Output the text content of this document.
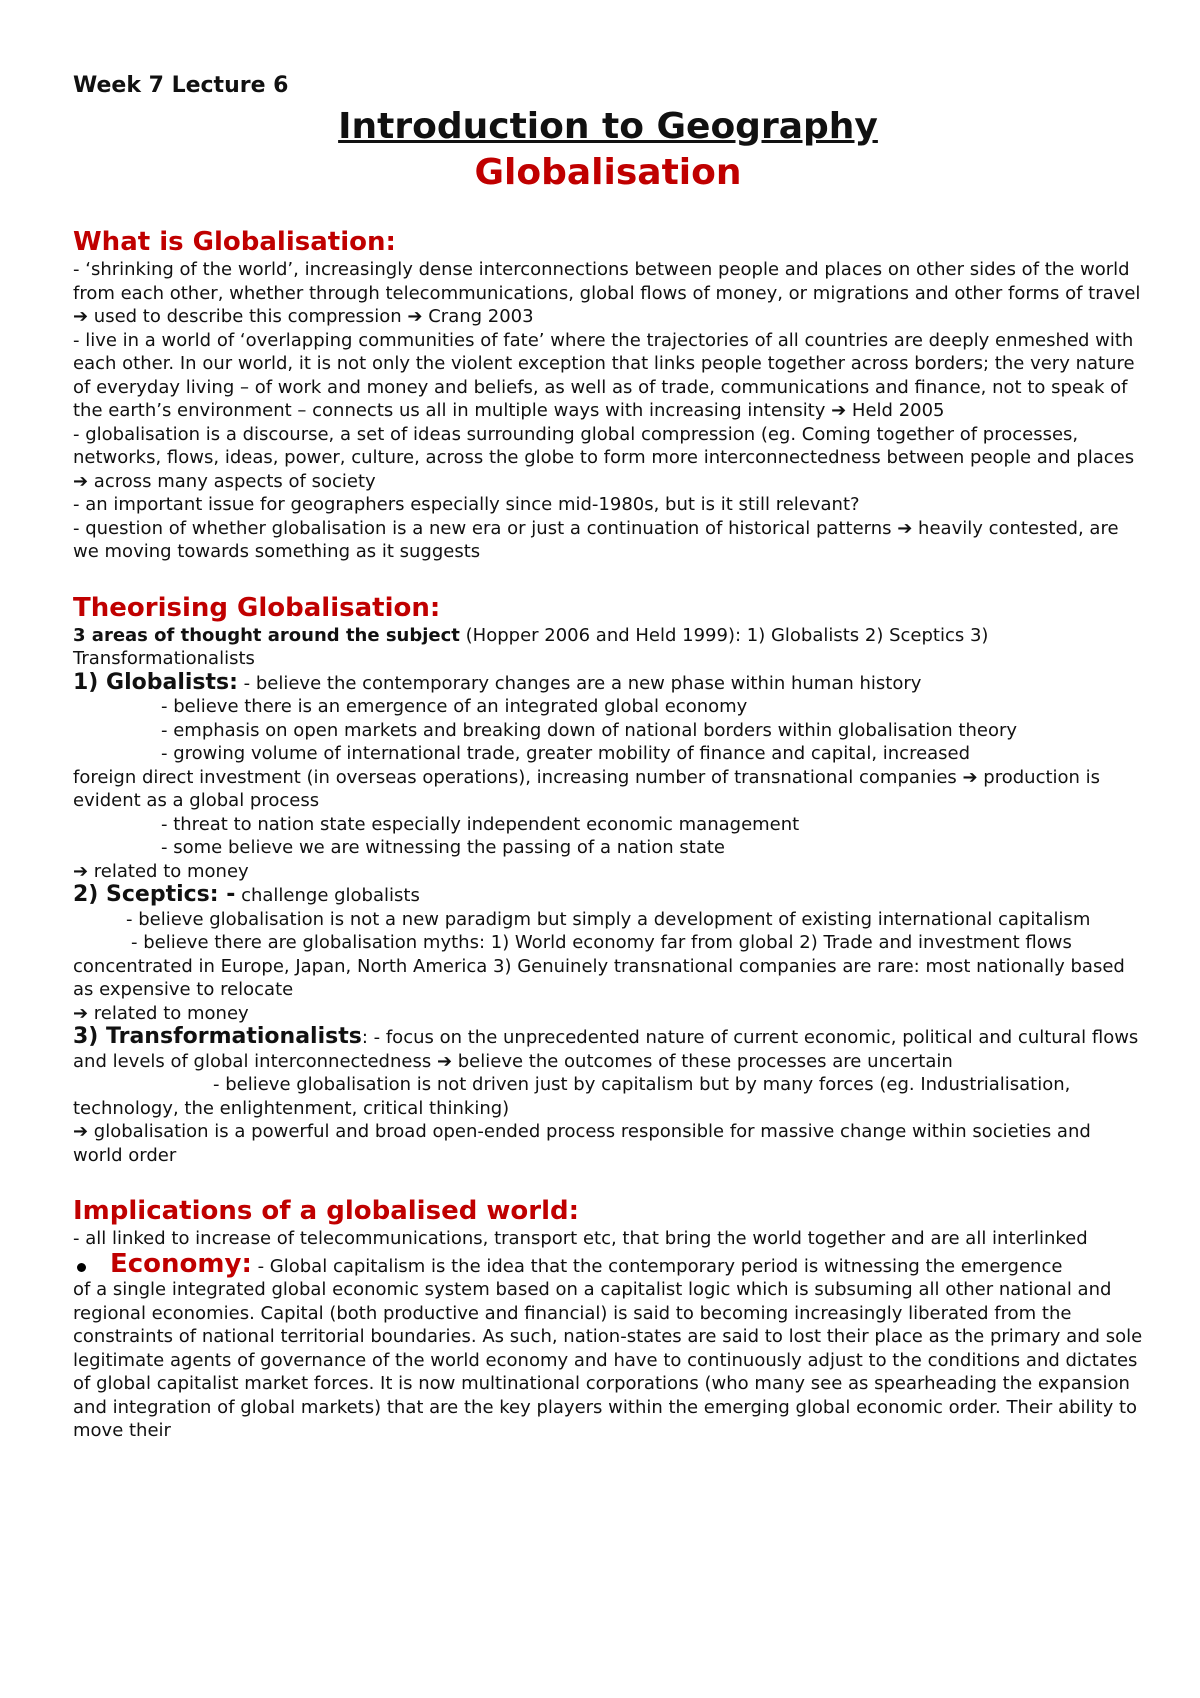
Week 7 Lecture 6
Introduction to Geography
Globalisation
What is Globalisation:

- ‘shrinking of the world’, increasingly dense interconnections between people and places on other sides of the world from each other, whether through telecommunications, global flows of money, or migrations and other forms of travel ➔ used to describe this compression ➔ Crang 2003

- live in a world of ‘overlapping communities of fate’ where the trajectories of all countries are deeply enmeshed with each other. In our world, it is not only the violent exception that links people together across borders; the very nature of everyday living – of work and money and beliefs, as well as of trade, communications and finance, not to speak of the earth’s environment – connects us all in multiple ways with increasing intensity ➔ Held 2005

- globalisation is a discourse, a set of ideas surrounding global compression (eg. Coming together of processes, networks, flows, ideas, power, culture, across the globe to form more interconnectedness between people and places ➔ across many aspects of society

- an important issue for geographers especially since mid-1980s, but is it still relevant?

- question of whether globalisation is a new era or just a continuation of historical patterns ➔ heavily contested, are we moving towards something as it suggests

Theorising Globalisation:

3 areas of thought around the subject (Hopper 2006 and Held 1999): 1) Globalists 2) Sceptics 3) Transformationalists

1) Globalists: - believe the contemporary changes are a new phase within human history

- believe there is an emergence of an integrated global economy

- emphasis on open markets and breaking down of national borders within globalisation theory

- growing volume of international trade, greater mobility of finance and capital, increased

foreign direct investment (in overseas operations), increasing number of transnational companies ➔ production is evident as a global process

- threat to nation state especially independent economic management

- some believe we are witnessing the passing of a nation state

➔ related to money

2) Sceptics: - challenge globalists

- believe globalisation is not a new paradigm but simply a development of existing international capitalism

- believe there are globalisation myths: 1) World economy far from global 2) Trade and investment flows concentrated in Europe, Japan, North America 3) Genuinely transnational companies are rare: most nationally based as expensive to relocate

➔ related to money

3) Transformationalists: - focus on the unprecedented nature of current economic, political and cultural flows and levels of global interconnectedness ➔ believe the outcomes of these processes are uncertain

- believe globalisation is not driven just by capitalism but by many forces (eg. Industrialisation, technology, the enlightenment, critical thinking)

➔ globalisation is a powerful and broad open-ended process responsible for massive change within societies and world order

Implications of a globalised world:

- all linked to increase of telecommunications, transport etc, that bring the world together and are all interlinked

Economy: - Global capitalism is the idea that the contemporary period is witnessing the emergence

of a single integrated global economic system based on a capitalist logic which is subsuming all other national and regional economies. Capital (both productive and financial) is said to becoming increasingly liberated from the constraints of national territorial boundaries. As such, nation-states are said to lost their place as the primary and sole legitimate agents of governance of the world economy and have to continuously adjust to the conditions and dictates of global capitalist market forces. It is now multinational corporations (who many see as spearheading the expansion and integration of global markets) that are the key players within the emerging global economic order. Their ability to move their
